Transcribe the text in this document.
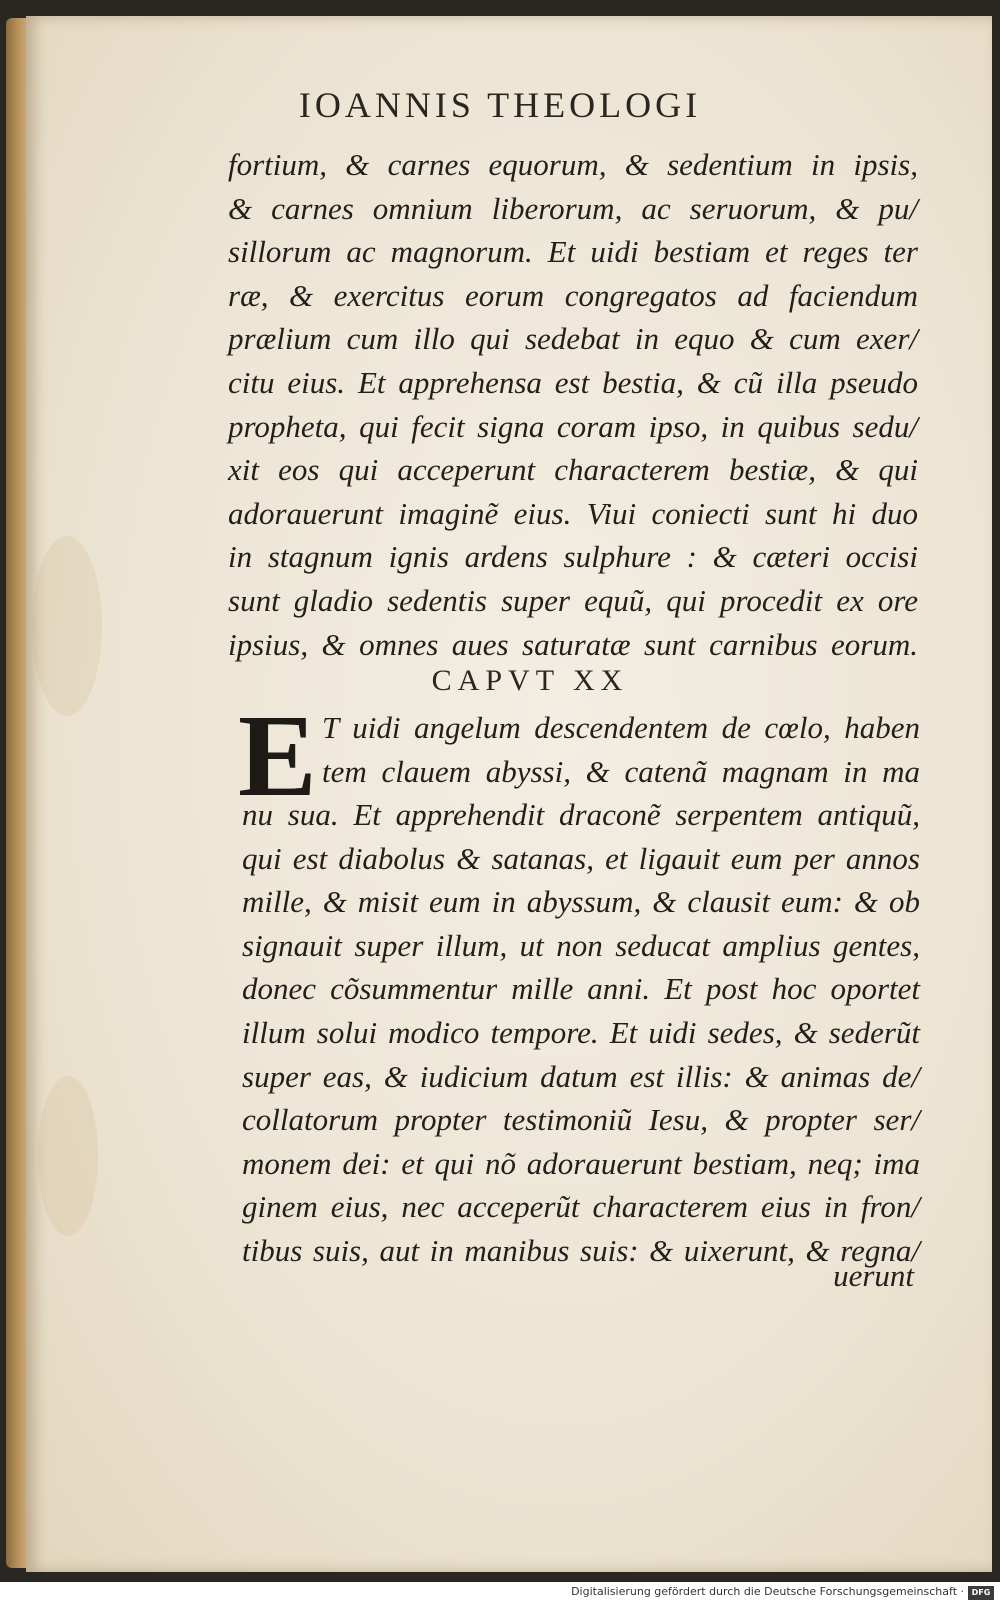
IOANNIS THEOLOGI
fortium, & carnes equorum, & sedentium in ipsis,
& carnes omnium liberorum, ac seruorum, & pu/
sillorum ac magnorum. Et uidi bestiam et reges ter
ræ, & exercitus eorum congregatos ad faciendum
prælium cum illo qui sedebat in equo & cum exer/
citu eius. Et apprehensa est bestia, & cũ illa pseudo
propheta, qui fecit signa coram ipso, in quibus sedu/
xit eos qui acceperunt characterem bestiæ, & qui
adorauerunt imaginẽ eius. Viui coniecti sunt hi duo
in stagnum ignis ardens sulphure : & cæteri occisi
sunt gladio sedentis super equũ, qui procedit ex ore
ipsius, & omnes aues saturatæ sunt carnibus eorum.
CAPVT XX
E T uidi angelum descendentem de cœlo, haben
tem clauem abyssi, & catenã magnam in ma
nu sua. Et apprehendit draconẽ serpentem antiquũ,
qui est diabolus & satanas, et ligauit eum per annos
mille, & misit eum in abyssum, & clausit eum: & ob
signauit super illum, ut non seducat amplius gentes,
donec cõsummentur mille anni. Et post hoc oportet
illum solui modico tempore. Et uidi sedes, & sederũt
super eas, & iudicium datum est illis: & animas de/
collatorum propter testimoniũ Iesu, & propter ser/
monem dei: et qui nõ adorauerunt bestiam, neq; ima
ginem eius, nec acceperũt characterem eius in fron/
tibus suis, aut in manibus suis: & uixerunt, & regna/
uerunt
Digitalisierung gefördert durch die Deutsche Forschungsgemeinschaft · DFG
